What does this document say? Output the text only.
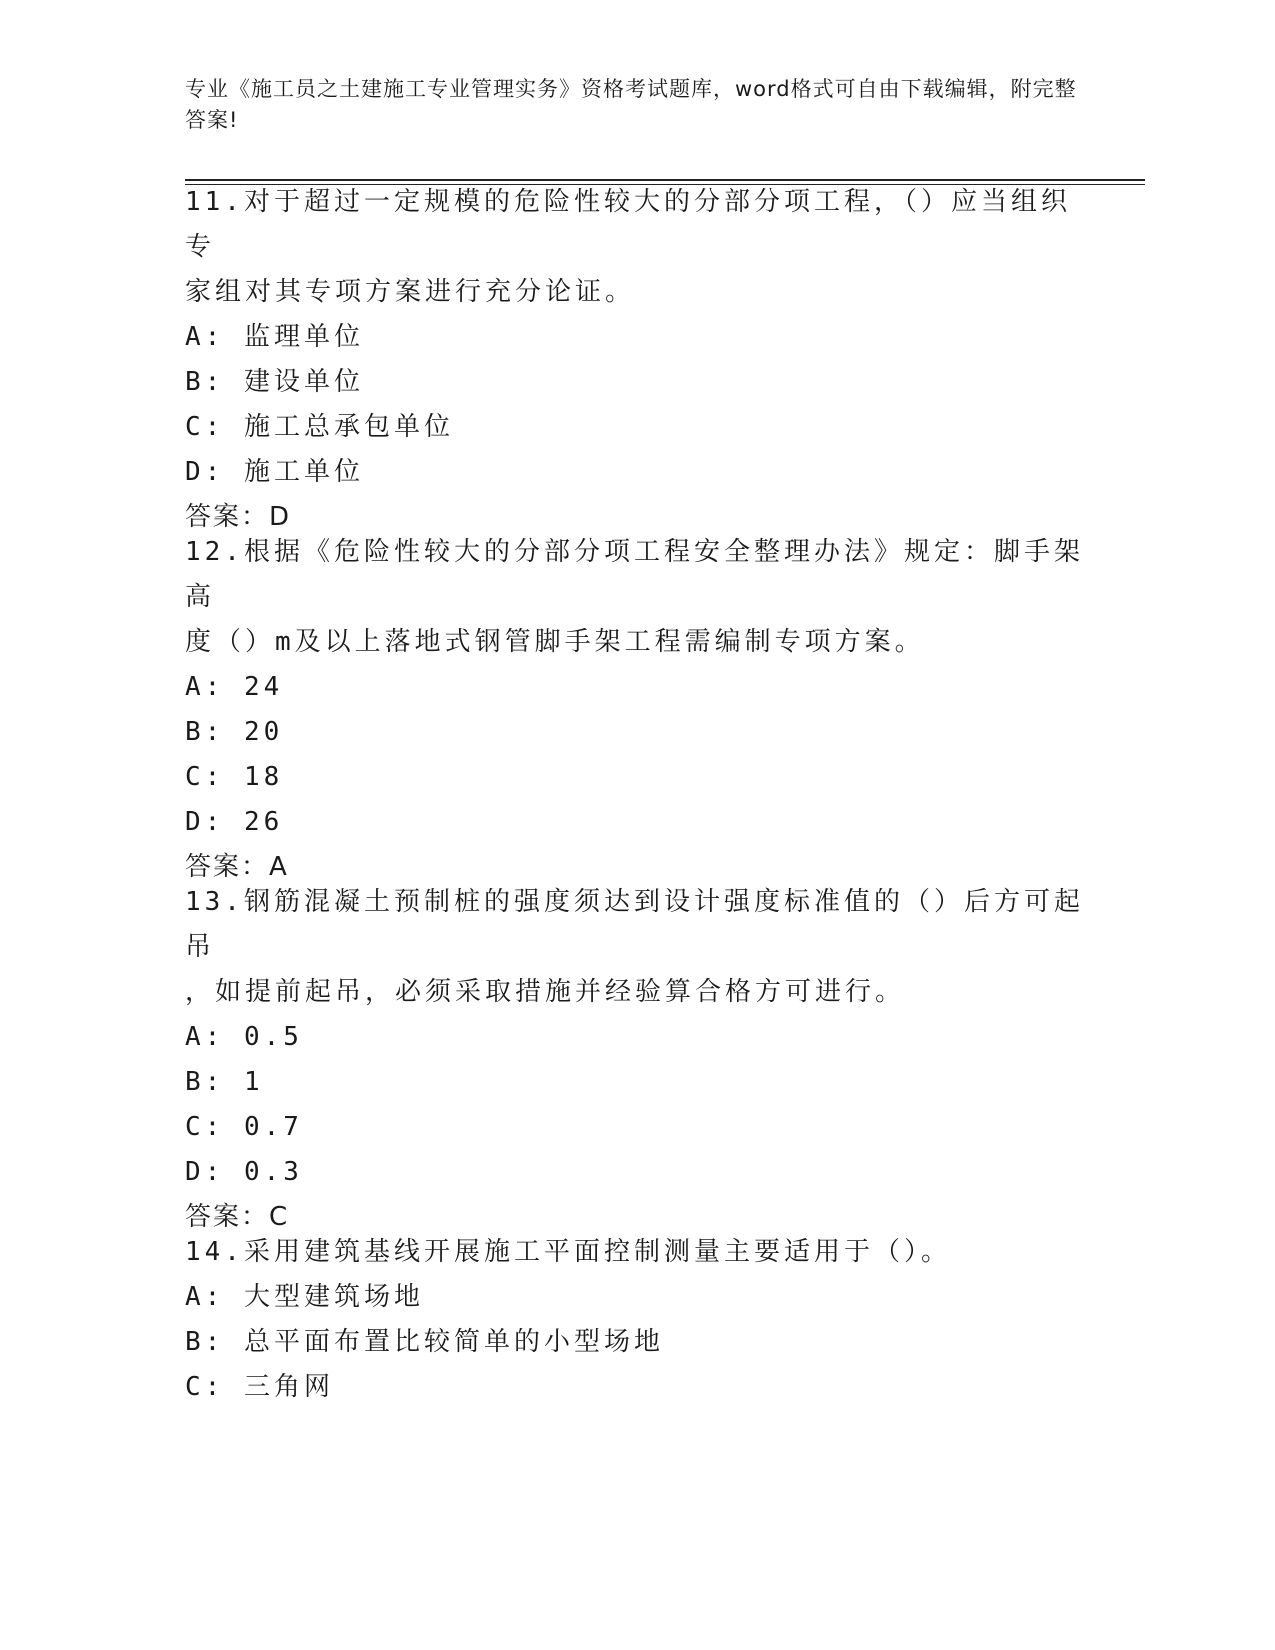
专业《施工员之土建施工专业管理实务》资格考试题库，word格式可自由下载编辑，附完整答案!

11.对于超过一定规模的危险性较大的分部分项工程，（）应当组织专

家组对其专项方案进行充分论证。

A: 监理单位

B: 建设单位

C: 施工总承包单位

D: 施工单位

答案：D

12.根据《危险性较大的分部分项工程安全整理办法》规定：脚手架高

度（）m及以上落地式钢管脚手架工程需编制专项方案。

A: 24

B: 20

C: 18

D: 26

答案：A

13.钢筋混凝土预制桩的强度须达到设计强度标准值的（）后方可起吊

，如提前起吊，必须采取措施并经验算合格方可进行。

A: 0.5

B: 1

C: 0.7

D: 0.3

答案：C

14.采用建筑基线开展施工平面控制测量主要适用于（）。

A: 大型建筑场地

B: 总平面布置比较简单的小型场地

C: 三角网
